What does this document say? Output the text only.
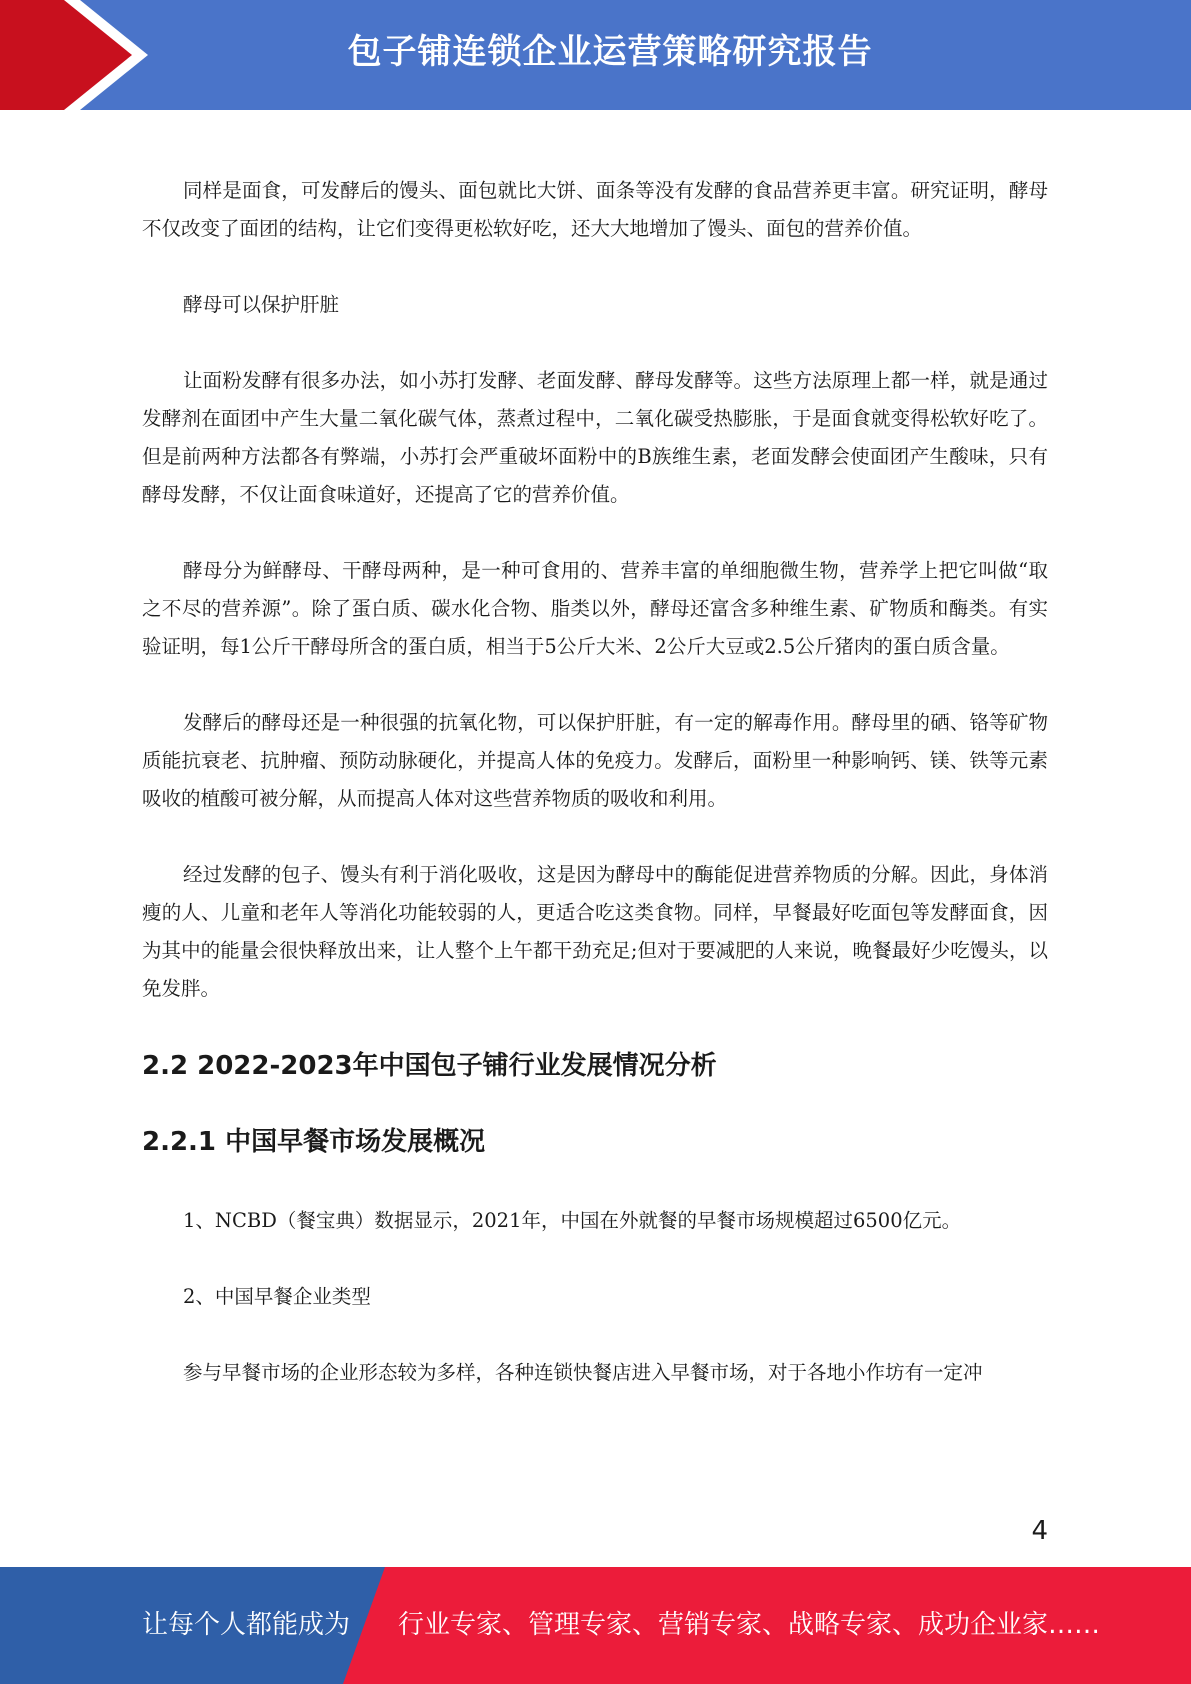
包子铺连锁企业运营策略研究报告

同样是面食，可发酵后的馒头、面包就比大饼、面条等没有发酵的食品营养更丰富。研究证明，酵母不仅改变了面团的结构，让它们变得更松软好吃，还大大地增加了馒头、面包的营养价值。

酵母可以保护肝脏

让面粉发酵有很多办法，如小苏打发酵、老面发酵、酵母发酵等。这些方法原理上都一样，就是通过发酵剂在面团中产生大量二氧化碳气体，蒸煮过程中，二氧化碳受热膨胀，于是面食就变得松软好吃了。但是前两种方法都各有弊端，小苏打会严重破坏面粉中的B族维生素，老面发酵会使面团产生酸味，只有酵母发酵，不仅让面食味道好，还提高了它的营养价值。

酵母分为鲜酵母、干酵母两种，是一种可食用的、营养丰富的单细胞微生物，营养学上把它叫做“取之不尽的营养源”。除了蛋白质、碳水化合物、脂类以外，酵母还富含多种维生素、矿物质和酶类。有实验证明，每1公斤干酵母所含的蛋白质，相当于5公斤大米、2公斤大豆或2.5公斤猪肉的蛋白质含量。

发酵后的酵母还是一种很强的抗氧化物，可以保护肝脏，有一定的解毒作用。酵母里的硒、铬等矿物质能抗衰老、抗肿瘤、预防动脉硬化，并提高人体的免疫力。发酵后，面粉里一种影响钙、镁、铁等元素吸收的植酸可被分解，从而提高人体对这些营养物质的吸收和利用。

经过发酵的包子、馒头有利于消化吸收，这是因为酵母中的酶能促进营养物质的分解。因此，身体消瘦的人、儿童和老年人等消化功能较弱的人，更适合吃这类食物。同样，早餐最好吃面包等发酵面食，因为其中的能量会很快释放出来，让人整个上午都干劲充足;但对于要减肥的人来说，晚餐最好少吃馒头，以免发胖。

2.2 2022-2023年中国包子铺行业发展情况分析
2.2.1 中国早餐市场发展概况

1、NCBD（餐宝典）数据显示，2021年，中国在外就餐的早餐市场规模超过6500亿元。

2、中国早餐企业类型

参与早餐市场的企业形态较为多样，各种连锁快餐店进入早餐市场，对于各地小作坊有一定冲

4
让每个人都能成为 行业专家、管理专家、营销专家、战略专家、成功企业家……
